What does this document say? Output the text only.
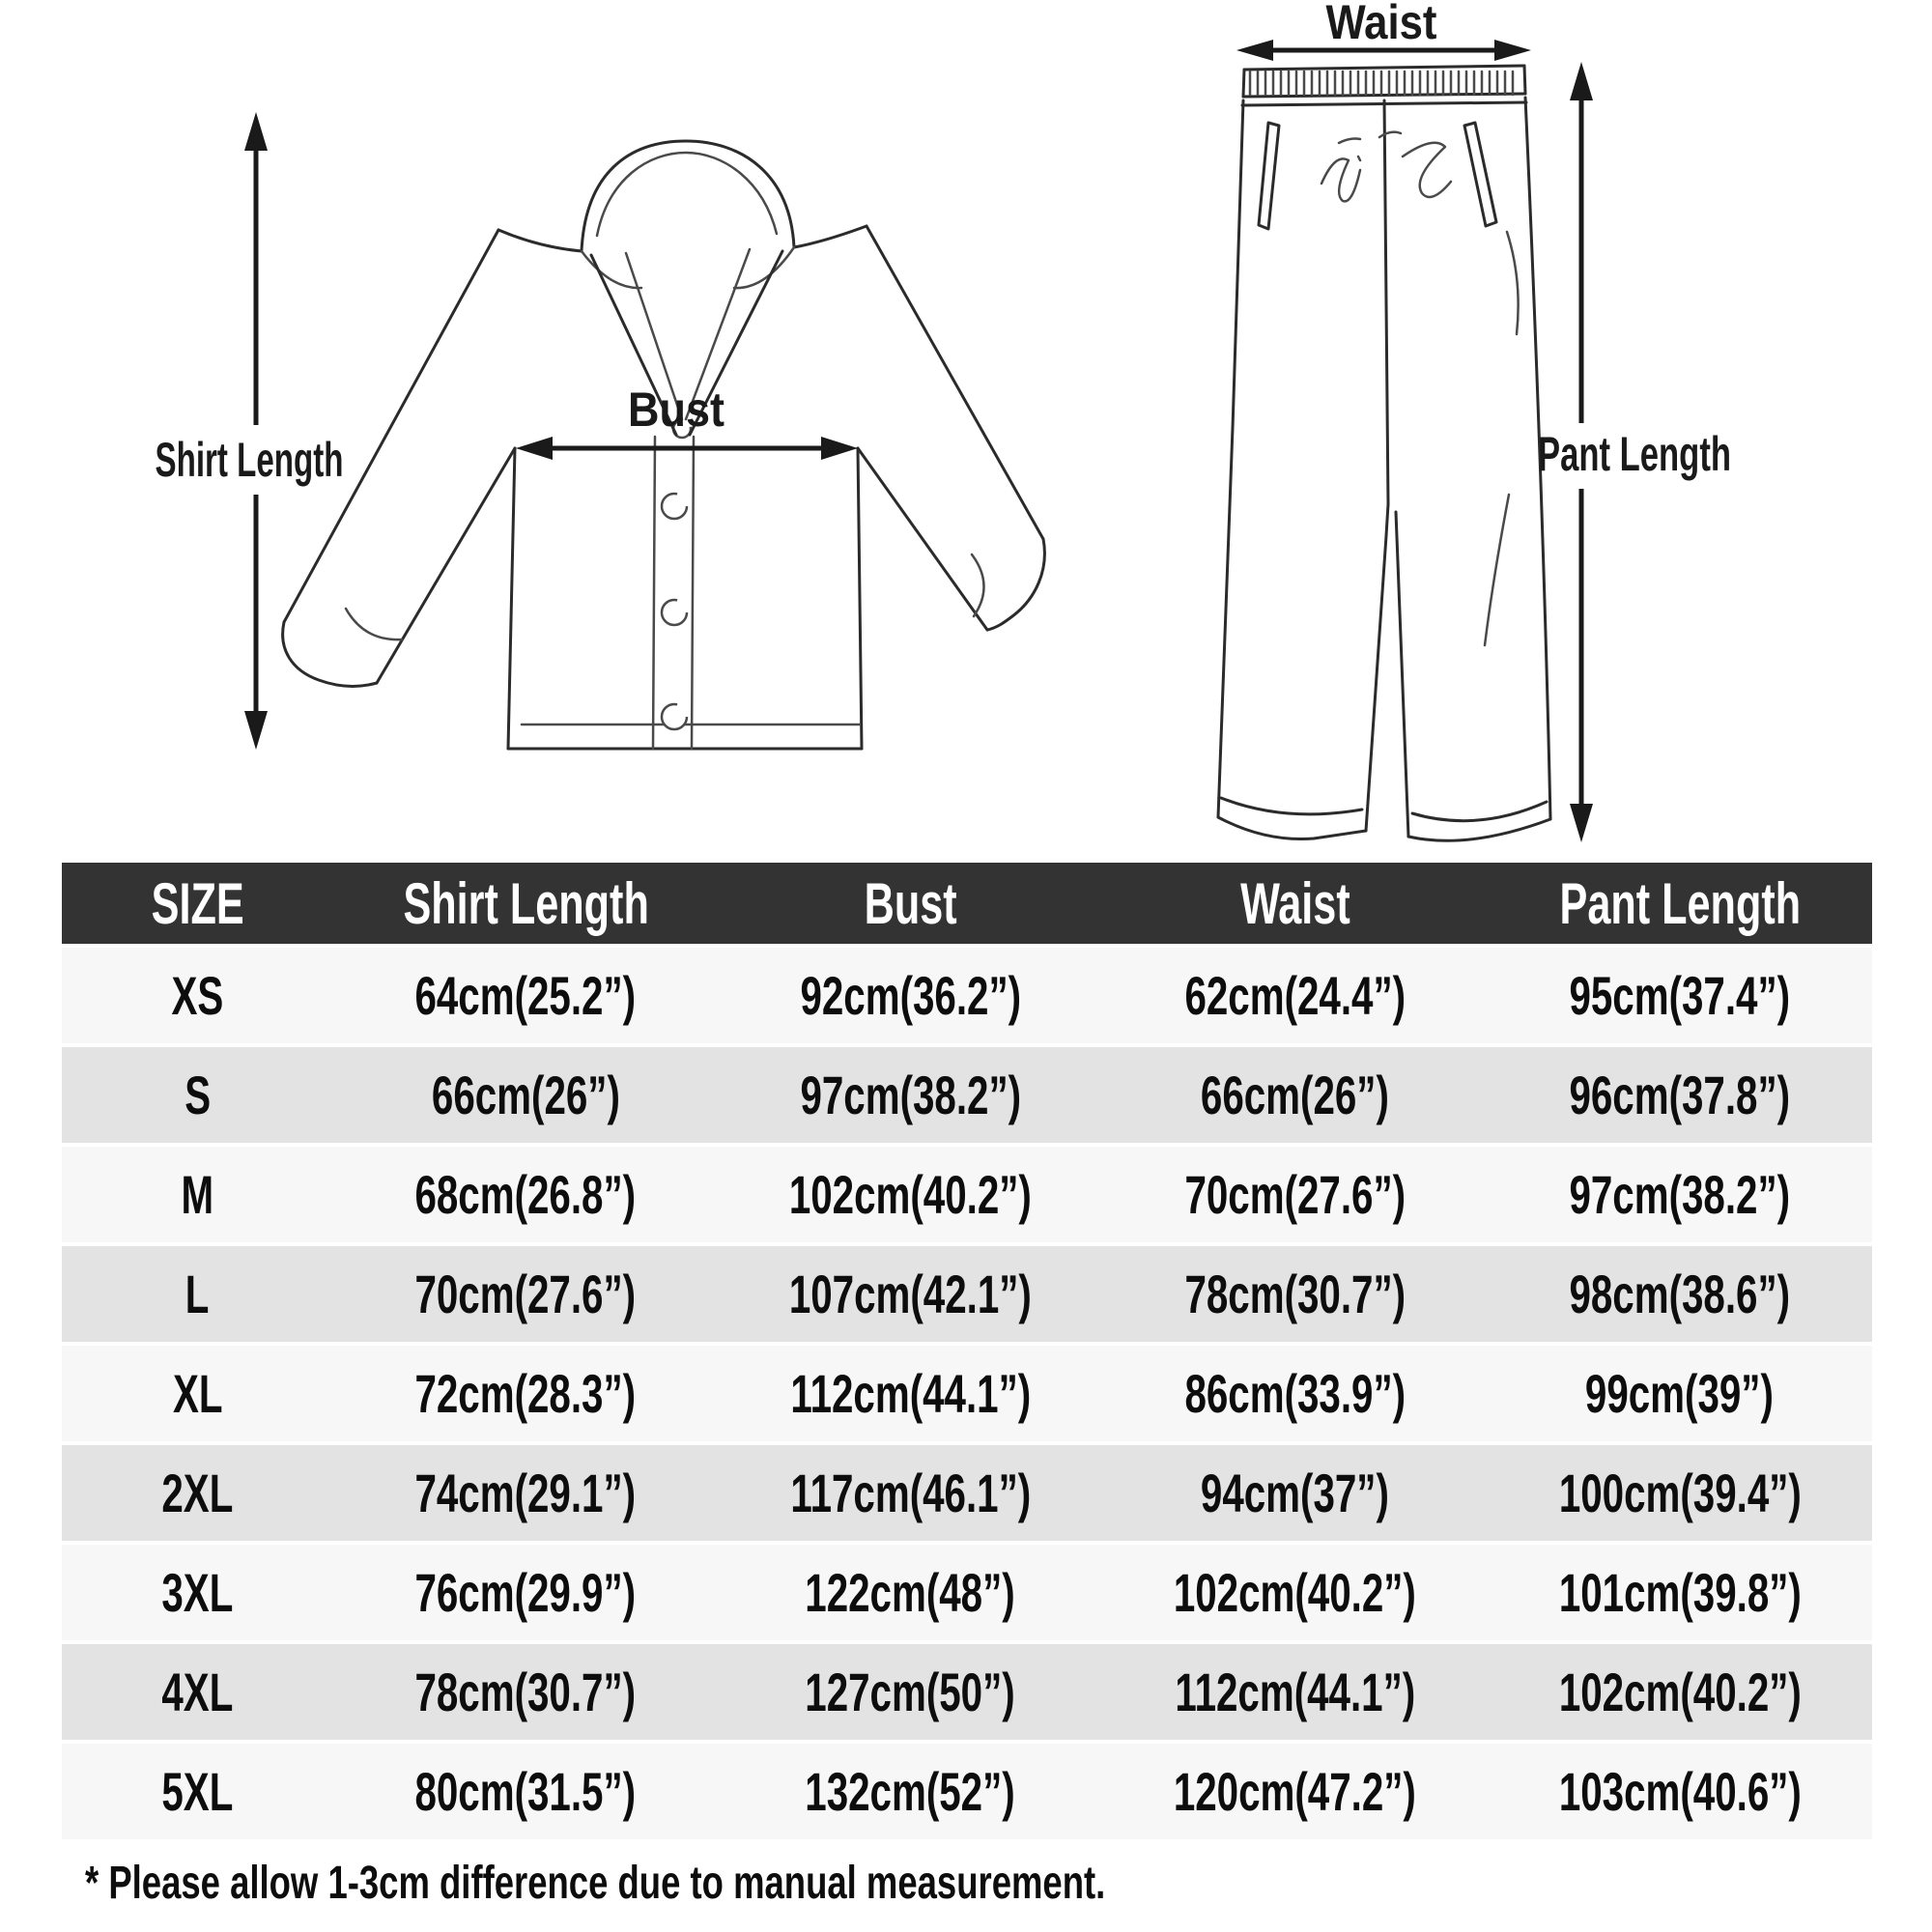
Shirt Length
Bust
Waist
Pant Length
SIZE	Shirt Length	Bust	Waist	Pant Length
XS	64cm(25.2”)	92cm(36.2”)	62cm(24.4”)	95cm(37.4”)
S	66cm(26”)	97cm(38.2”)	66cm(26”)	96cm(37.8”)
M	68cm(26.8”)	102cm(40.2”)	70cm(27.6”)	97cm(38.2”)
L	70cm(27.6”)	107cm(42.1”)	78cm(30.7”)	98cm(38.6”)
XL	72cm(28.3”)	112cm(44.1”)	86cm(33.9”)	99cm(39”)
2XL	74cm(29.1”)	117cm(46.1”)	94cm(37”)	100cm(39.4”)
3XL	76cm(29.9”)	122cm(48”)	102cm(40.2”)	101cm(39.8”)
4XL	78cm(30.7”)	127cm(50”)	112cm(44.1”)	102cm(40.2”)
5XL	80cm(31.5”)	132cm(52”)	120cm(47.2”)	103cm(40.6”)
* Please allow 1-3cm difference due to manual measurement.
